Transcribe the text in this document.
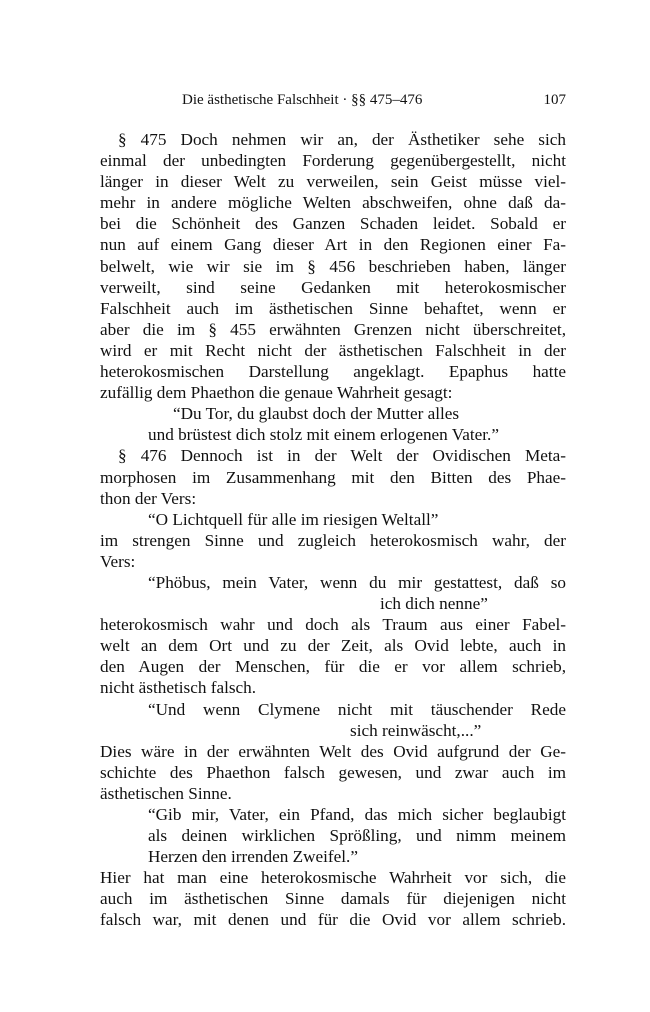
Die ästhetische Falschheit · §§ 475–476	107
§ 475 Doch nehmen wir an, der Ästhetiker sehe sich
einmal der unbedingten Forderung gegenübergestellt, nicht
länger in dieser Welt zu verweilen, sein Geist müsse viel-
mehr in andere mögliche Welten abschweifen, ohne daß da-
bei die Schönheit des Ganzen Schaden leidet. Sobald er
nun auf einem Gang dieser Art in den Regionen einer Fa-
belwelt, wie wir sie im § 456 beschrieben haben, länger
verweilt, sind seine Gedanken mit heterokosmischer
Falschheit auch im ästhetischen Sinne behaftet, wenn er
aber die im § 455 erwähnten Grenzen nicht überschreitet,
wird er mit Recht nicht der ästhetischen Falschheit in der
heterokosmischen Darstellung angeklagt. Epaphus hatte
zufällig dem Phaethon die genaue Wahrheit gesagt:
“Du Tor, du glaubst doch der Mutter alles
und brüstest dich stolz mit einem erlogenen Vater.”
§ 476 Dennoch ist in der Welt der Ovidischen Meta-
morphosen im Zusammenhang mit den Bitten des Phae-
thon der Vers:
“O Lichtquell für alle im riesigen Weltall”
im strengen Sinne und zugleich heterokosmisch wahr, der
Vers:
“Phöbus, mein Vater, wenn du mir gestattest, daß so
ich dich nenne”
heterokosmisch wahr und doch als Traum aus einer Fabel-
welt an dem Ort und zu der Zeit, als Ovid lebte, auch in
den Augen der Menschen, für die er vor allem schrieb,
nicht ästhetisch falsch.
“Und wenn Clymene nicht mit täuschender Rede
sich reinwäscht,...”
Dies wäre in der erwähnten Welt des Ovid aufgrund der Ge-
schichte des Phaethon falsch gewesen, und zwar auch im
ästhetischen Sinne.
“Gib mir, Vater, ein Pfand, das mich sicher beglaubigt
als deinen wirklichen Sprößling, und nimm meinem
Herzen den irrenden Zweifel.”
Hier hat man eine heterokosmische Wahrheit vor sich, die
auch im ästhetischen Sinne damals für diejenigen nicht
falsch war, mit denen und für die Ovid vor allem schrieb.
